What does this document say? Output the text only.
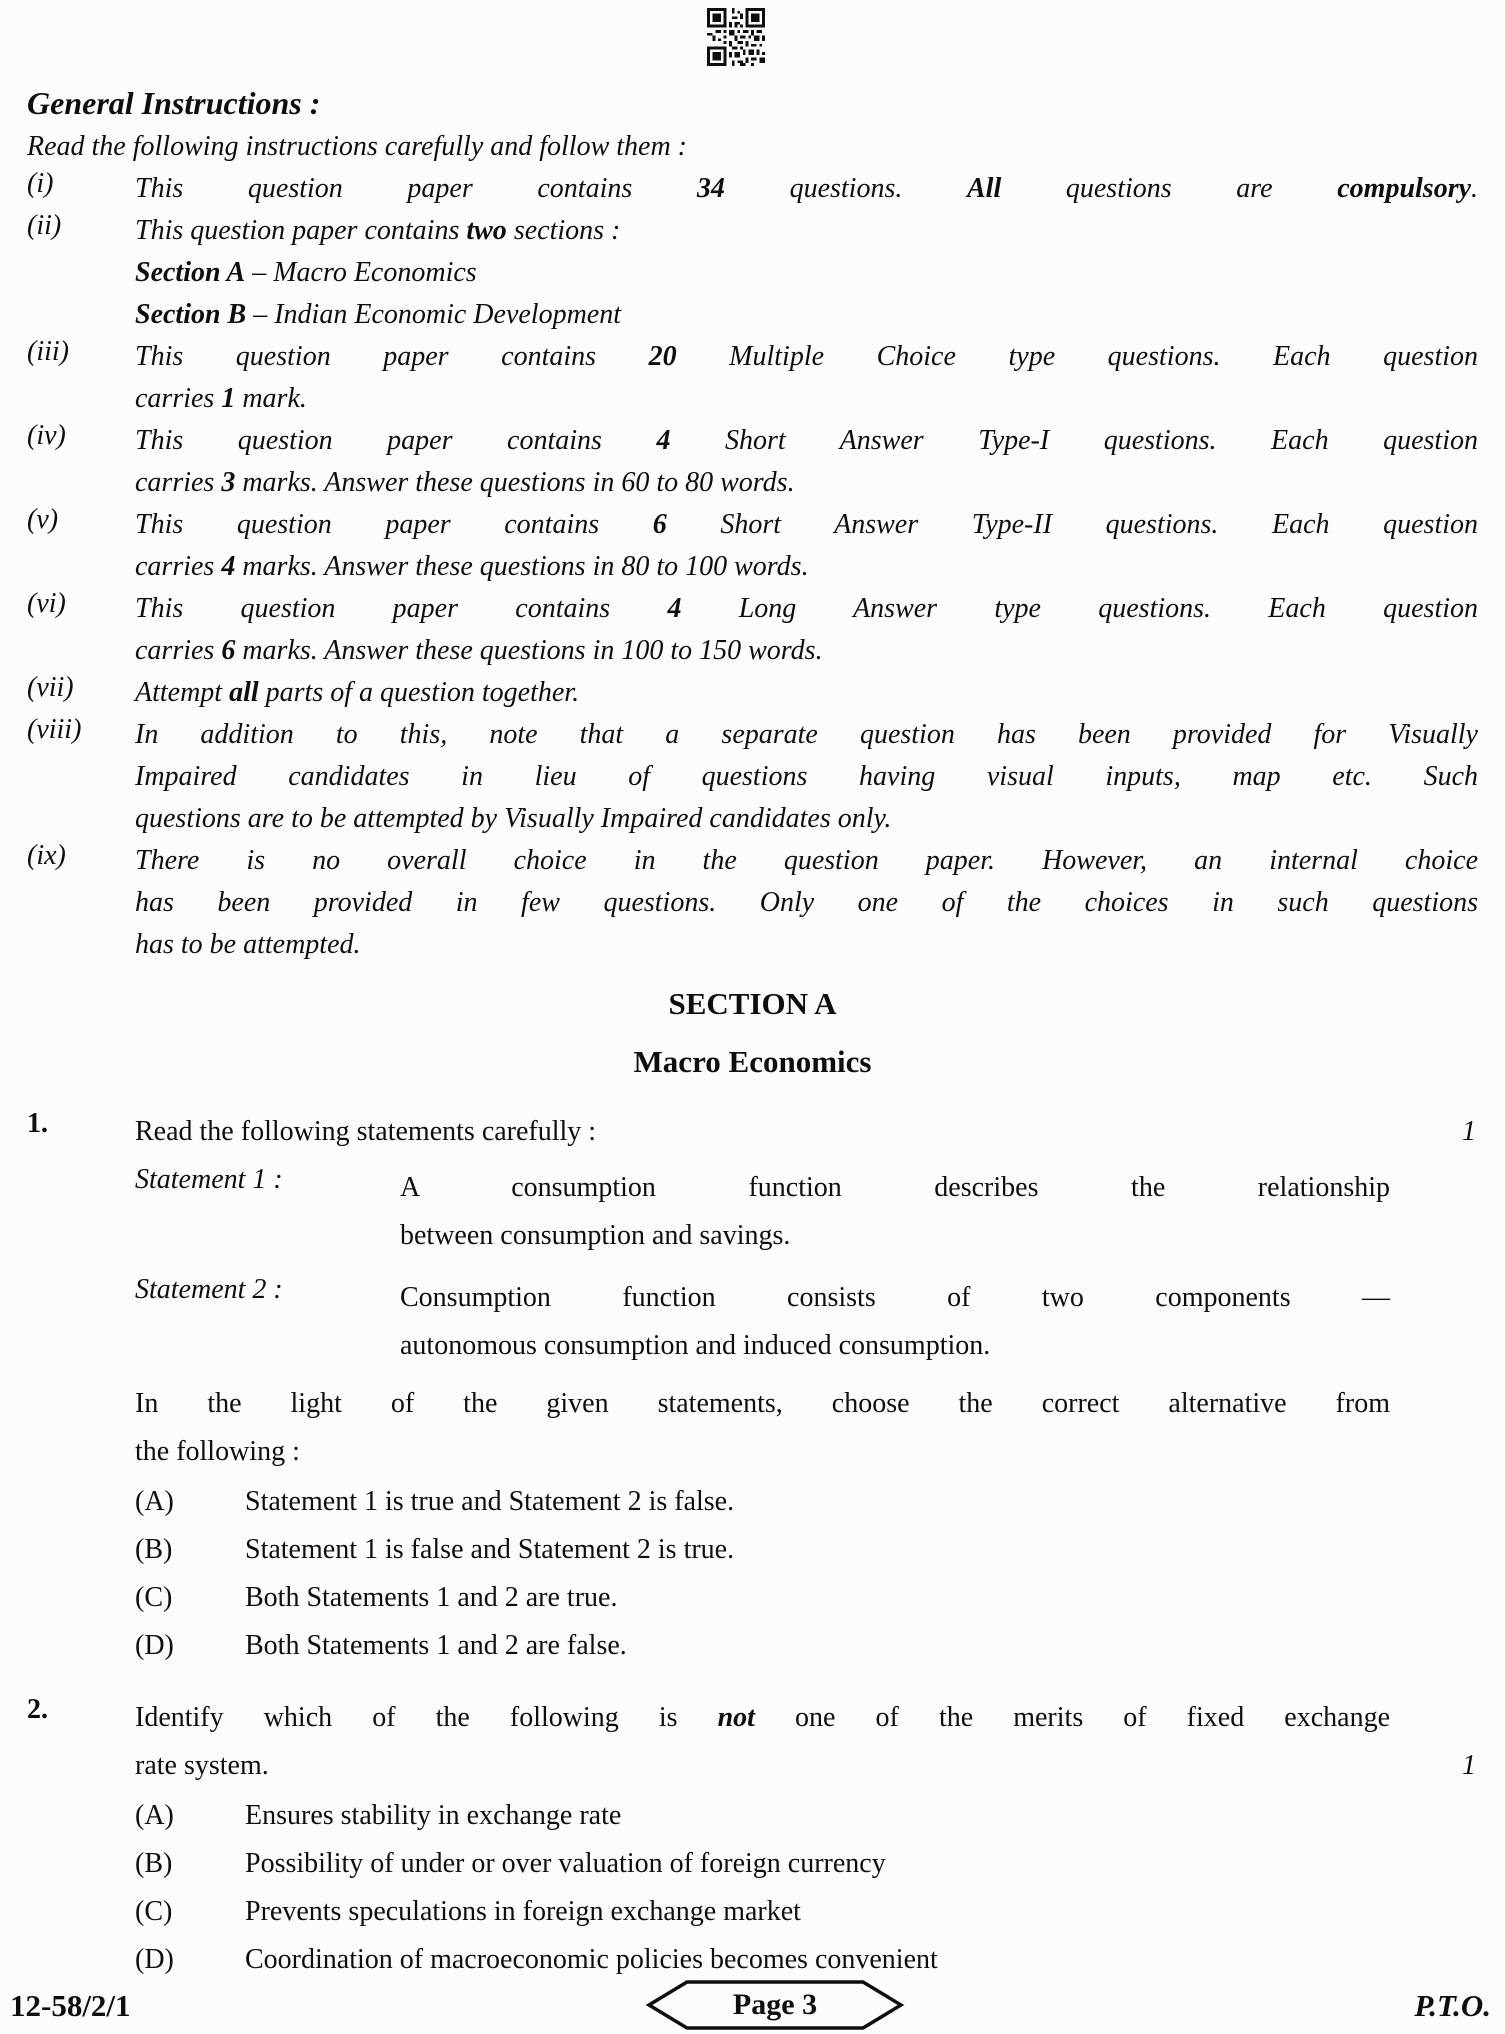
General Instructions :
Read the following instructions carefully and follow them :
(i)	This question paper contains 34 questions. All questions are compulsory.
(ii)	This question paper contains two sections :
Section A – Macro Economics
Section B – Indian Economic Development
(iii)	This question paper contains 20 Multiple Choice type questions. Each question
carries 1 mark.
(iv)	This question paper contains 4 Short Answer Type-I questions. Each question
carries 3 marks. Answer these questions in 60 to 80 words.
(v)	This question paper contains 6 Short Answer Type-II questions. Each question
carries 4 marks. Answer these questions in 80 to 100 words.
(vi)	This question paper contains 4 Long Answer type questions. Each question
carries 6 marks. Answer these questions in 100 to 150 words.
(vii)	Attempt all parts of a question together.
(viii)	In addition to this, note that a separate question has been provided for Visually
Impaired candidates in lieu of questions having visual inputs, map etc. Such
questions are to be attempted by Visually Impaired candidates only.
(ix)	There is no overall choice in the question paper. However, an internal choice
has been provided in few questions. Only one of the choices in such questions
has to be attempted.
SECTION A
Macro Economics
1
1.	Read the following statements carefully :
Statement 1 :	A consumption function describes the relationship
between consumption and savings.
Statement 2 :	Consumption function consists of two components —
autonomous consumption and induced consumption.
In the light of the given statements, choose the correct alternative from
the following :
(A)	Statement 1 is true and Statement 2 is false.
(B)	Statement 1 is false and Statement 2 is true.
(C)	Both Statements 1 and 2 are true.
(D)	Both Statements 1 and 2 are false.
1
2.	Identify which of the following is not one of the merits of fixed exchange
rate system.
(A)	Ensures stability in exchange rate
(B)	Possibility of under or over valuation of foreign currency
(C)	Prevents speculations in foreign exchange market
(D)	Coordination of macroeconomic policies becomes convenient
12-58/2/1	Page 3	P.T.O.
